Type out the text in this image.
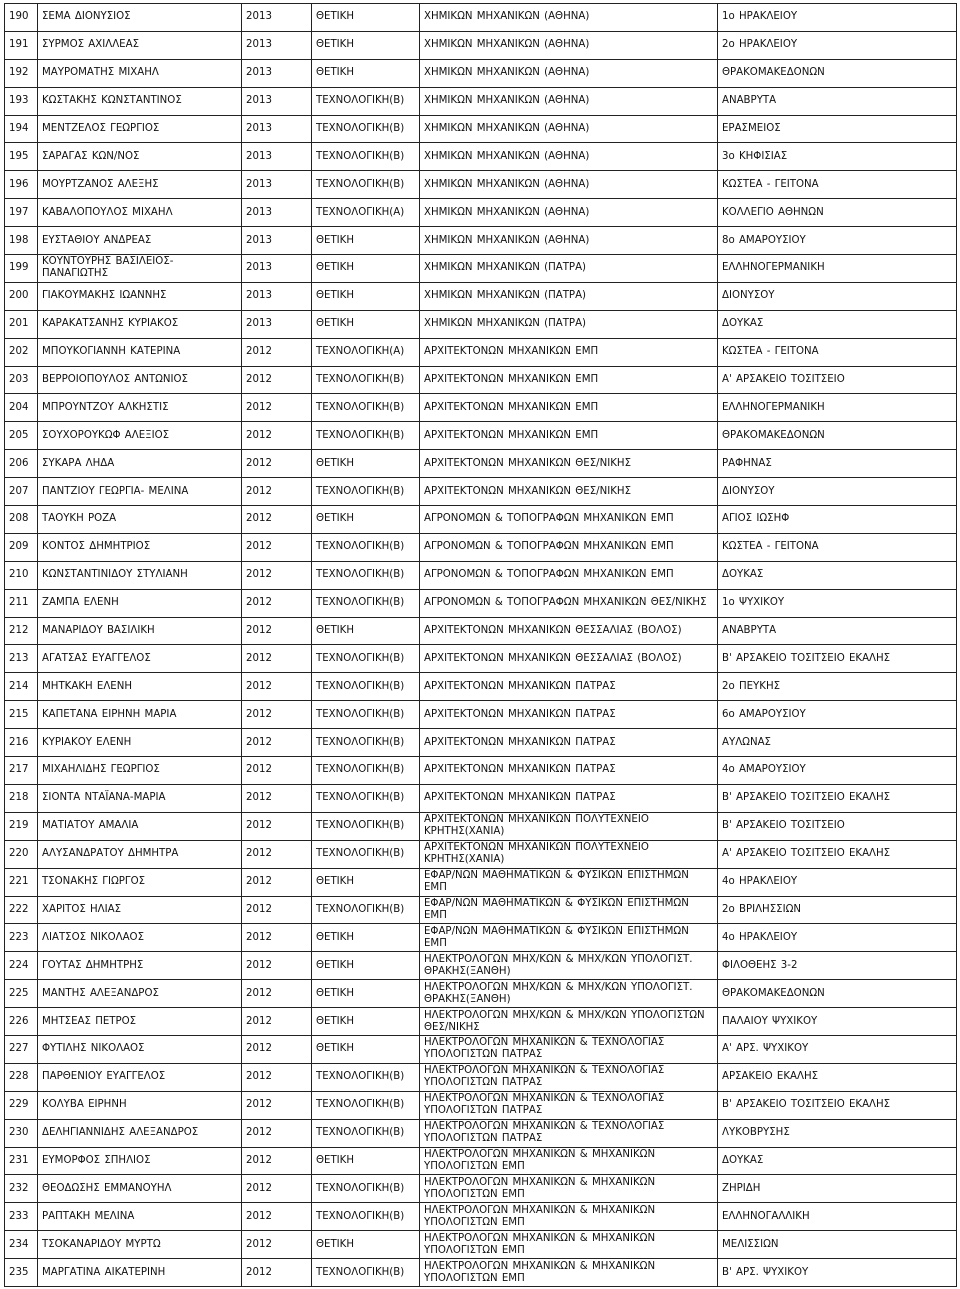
190	ΣΕΜΑ ΔΙΟΝΥΣΙΟΣ	2013	ΘΕΤΙΚΗ	ΧΗΜΙΚΩΝ ΜΗΧΑΝΙΚΩΝ (ΑΘΗΝΑ)	1ο ΗΡΑΚΛΕΙΟΥ
191	ΣΥΡΜΟΣ ΑΧΙΛΛΕΑΣ	2013	ΘΕΤΙΚΗ	ΧΗΜΙΚΩΝ ΜΗΧΑΝΙΚΩΝ (ΑΘΗΝΑ)	2ο ΗΡΑΚΛΕΙΟΥ
192	ΜΑΥΡΟΜΑΤΗΣ ΜΙΧΑΗΛ	2013	ΘΕΤΙΚΗ	ΧΗΜΙΚΩΝ ΜΗΧΑΝΙΚΩΝ (ΑΘΗΝΑ)	ΘΡΑΚΟΜΑΚΕΔΟΝΩΝ
193	ΚΩΣΤΑΚΗΣ ΚΩΝΣΤΑΝΤΙΝΟΣ	2013	ΤΕΧΝΟΛΟΓΙΚΗ(Β)	ΧΗΜΙΚΩΝ ΜΗΧΑΝΙΚΩΝ (ΑΘΗΝΑ)	ΑΝΑΒΡΥΤΑ
194	ΜΕΝΤΖΕΛΟΣ ΓΕΩΡΓΙΟΣ	2013	ΤΕΧΝΟΛΟΓΙΚΗ(Β)	ΧΗΜΙΚΩΝ ΜΗΧΑΝΙΚΩΝ (ΑΘΗΝΑ)	ΕΡΑΣΜΕΙΟΣ
195	ΣΑΡΑΓΑΣ ΚΩΝ/ΝΟΣ	2013	ΤΕΧΝΟΛΟΓΙΚΗ(Β)	ΧΗΜΙΚΩΝ ΜΗΧΑΝΙΚΩΝ (ΑΘΗΝΑ)	3ο ΚΗΦΙΣΙΑΣ
196	ΜΟΥΡΤΖΑΝΟΣ ΑΛΕΞΗΣ	2013	ΤΕΧΝΟΛΟΓΙΚΗ(Β)	ΧΗΜΙΚΩΝ ΜΗΧΑΝΙΚΩΝ (ΑΘΗΝΑ)	ΚΩΣΤΕΑ - ΓΕΙΤΟΝΑ
197	ΚΑΒΑΛΟΠΟΥΛΟΣ ΜΙΧΑΗΛ	2013	ΤΕΧΝΟΛΟΓΙΚΗ(Α)	ΧΗΜΙΚΩΝ ΜΗΧΑΝΙΚΩΝ (ΑΘΗΝΑ)	ΚΟΛΛΕΓΙΟ ΑΘΗΝΩΝ
198	ΕΥΣΤΑΘΙΟΥ ΑΝΔΡΕΑΣ	2013	ΘΕΤΙΚΗ	ΧΗΜΙΚΩΝ ΜΗΧΑΝΙΚΩΝ (ΑΘΗΝΑ)	8ο ΑΜΑΡΟΥΣΙΟΥ
199	ΚΟΥΝΤΟΥΡΗΣ ΒΑΣΙΛΕΙΟΣ-ΠΑΝΑΓΙΩΤΗΣ	2013	ΘΕΤΙΚΗ	ΧΗΜΙΚΩΝ ΜΗΧΑΝΙΚΩΝ (ΠΑΤΡΑ)	ΕΛΛΗΝΟΓΕΡΜΑΝΙΚΗ
200	ΓΙΑΚΟΥΜΑΚΗΣ ΙΩΑΝΝΗΣ	2013	ΘΕΤΙΚΗ	ΧΗΜΙΚΩΝ ΜΗΧΑΝΙΚΩΝ (ΠΑΤΡΑ)	ΔΙΟΝΥΣΟΥ
201	ΚΑΡΑΚΑΤΣΑΝΗΣ ΚΥΡΙΑΚΟΣ	2013	ΘΕΤΙΚΗ	ΧΗΜΙΚΩΝ ΜΗΧΑΝΙΚΩΝ (ΠΑΤΡΑ)	ΔΟΥΚΑΣ
202	ΜΠΟΥΚΟΓΙΑΝΝΗ ΚΑΤΕΡΙΝΑ	2012	ΤΕΧΝΟΛΟΓΙΚΗ(Α)	ΑΡΧΙΤΕΚΤΟΝΩΝ ΜΗΧΑΝΙΚΩΝ ΕΜΠ	ΚΩΣΤΕΑ - ΓΕΙΤΟΝΑ
203	ΒΕΡΡΟΙΟΠΟΥΛΟΣ ΑΝΤΩΝΙΟΣ	2012	ΤΕΧΝΟΛΟΓΙΚΗ(Β)	ΑΡΧΙΤΕΚΤΟΝΩΝ ΜΗΧΑΝΙΚΩΝ ΕΜΠ	Α' ΑΡΣΑΚΕΙΟ ΤΟΣΙΤΣΕΙΟ
204	ΜΠΡΟΥΝΤΖΟΥ ΑΛΚΗΣΤΙΣ	2012	ΤΕΧΝΟΛΟΓΙΚΗ(Β)	ΑΡΧΙΤΕΚΤΟΝΩΝ ΜΗΧΑΝΙΚΩΝ ΕΜΠ	ΕΛΛΗΝΟΓΕΡΜΑΝΙΚΗ
205	ΣΟΥΧΟΡΟΥΚΩΦ ΑΛΕΞΙΟΣ	2012	ΤΕΧΝΟΛΟΓΙΚΗ(Β)	ΑΡΧΙΤΕΚΤΟΝΩΝ ΜΗΧΑΝΙΚΩΝ ΕΜΠ	ΘΡΑΚΟΜΑΚΕΔΟΝΩΝ
206	ΣΥΚΑΡΑ ΛΗΔΑ	2012	ΘΕΤΙΚΗ	ΑΡΧΙΤΕΚΤΟΝΩΝ ΜΗΧΑΝΙΚΩΝ ΘΕΣ/ΝΙΚΗΣ	ΡΑΦΗΝΑΣ
207	ΠΑΝΤΖΙΟΥ ΓΕΩΡΓΙΑ- ΜΕΛΙΝΑ	2012	ΤΕΧΝΟΛΟΓΙΚΗ(Β)	ΑΡΧΙΤΕΚΤΟΝΩΝ ΜΗΧΑΝΙΚΩΝ ΘΕΣ/ΝΙΚΗΣ	ΔΙΟΝΥΣΟΥ
208	ΤΑΟΥΚΗ ΡΟΖΑ	2012	ΘΕΤΙΚΗ	ΑΓΡΟΝΟΜΩΝ & ΤΟΠΟΓΡΑΦΩΝ ΜΗΧΑΝΙΚΩΝ ΕΜΠ	ΑΓΙΟΣ ΙΩΣΗΦ
209	ΚΟΝΤΟΣ ΔΗΜΗΤΡΙΟΣ	2012	ΤΕΧΝΟΛΟΓΙΚΗ(Β)	ΑΓΡΟΝΟΜΩΝ & ΤΟΠΟΓΡΑΦΩΝ ΜΗΧΑΝΙΚΩΝ ΕΜΠ	ΚΩΣΤΕΑ - ΓΕΙΤΟΝΑ
210	ΚΩΝΣΤΑΝΤΙΝΙΔΟΥ ΣΤΥΛΙΑΝΗ	2012	ΤΕΧΝΟΛΟΓΙΚΗ(Β)	ΑΓΡΟΝΟΜΩΝ & ΤΟΠΟΓΡΑΦΩΝ ΜΗΧΑΝΙΚΩΝ ΕΜΠ	ΔΟΥΚΑΣ
211	ΖΑΜΠΑ ΕΛΕΝΗ	2012	ΤΕΧΝΟΛΟΓΙΚΗ(Β)	ΑΓΡΟΝΟΜΩΝ & ΤΟΠΟΓΡΑΦΩΝ ΜΗΧΑΝΙΚΩΝ ΘΕΣ/ΝΙΚΗΣ	1ο ΨΥΧΙΚΟΥ
212	ΜΑΝΑΡΙΔΟΥ ΒΑΣΙΛΙΚΗ	2012	ΘΕΤΙΚΗ	ΑΡΧΙΤΕΚΤΟΝΩΝ ΜΗΧΑΝΙΚΩΝ ΘΕΣΣΑΛΙΑΣ (ΒΟΛΟΣ)	ΑΝΑΒΡΥΤΑ
213	ΑΓΑΤΣΑΣ ΕΥΑΓΓΕΛΟΣ	2012	ΤΕΧΝΟΛΟΓΙΚΗ(Β)	ΑΡΧΙΤΕΚΤΟΝΩΝ ΜΗΧΑΝΙΚΩΝ ΘΕΣΣΑΛΙΑΣ (ΒΟΛΟΣ)	Β' ΑΡΣΑΚΕΙΟ ΤΟΣΙΤΣΕΙΟ ΕΚΑΛΗΣ
214	ΜΗΤΚΑΚΗ ΕΛΕΝΗ	2012	ΤΕΧΝΟΛΟΓΙΚΗ(Β)	ΑΡΧΙΤΕΚΤΟΝΩΝ ΜΗΧΑΝΙΚΩΝ ΠΑΤΡΑΣ	2ο ΠΕΥΚΗΣ
215	ΚΑΠΕΤΑΝΑ ΕΙΡΗΝΗ ΜΑΡΙΑ	2012	ΤΕΧΝΟΛΟΓΙΚΗ(Β)	ΑΡΧΙΤΕΚΤΟΝΩΝ ΜΗΧΑΝΙΚΩΝ ΠΑΤΡΑΣ	6ο ΑΜΑΡΟΥΣΙΟΥ
216	ΚΥΡΙΑΚΟΥ ΕΛΕΝΗ	2012	ΤΕΧΝΟΛΟΓΙΚΗ(Β)	ΑΡΧΙΤΕΚΤΟΝΩΝ ΜΗΧΑΝΙΚΩΝ ΠΑΤΡΑΣ	ΑΥΛΩΝΑΣ
217	ΜΙΧΑΗΛΙΔΗΣ ΓΕΩΡΓΙΟΣ	2012	ΤΕΧΝΟΛΟΓΙΚΗ(Β)	ΑΡΧΙΤΕΚΤΟΝΩΝ ΜΗΧΑΝΙΚΩΝ ΠΑΤΡΑΣ	4ο ΑΜΑΡΟΥΣΙΟΥ
218	ΣΙΟΝΤΑ ΝΤΑΪΑΝΑ-ΜΑΡΙΑ	2012	ΤΕΧΝΟΛΟΓΙΚΗ(Β)	ΑΡΧΙΤΕΚΤΟΝΩΝ ΜΗΧΑΝΙΚΩΝ ΠΑΤΡΑΣ	Β' ΑΡΣΑΚΕΙΟ ΤΟΣΙΤΣΕΙΟ ΕΚΑΛΗΣ
219	ΜΑΤΙΑΤΟΥ ΑΜΑΛΙΑ	2012	ΤΕΧΝΟΛΟΓΙΚΗ(Β)	ΑΡΧΙΤΕΚΤΟΝΩΝ ΜΗΧΑΝΙΚΩΝ ΠΟΛΥΤΕΧΝΕΙΟ ΚΡΗΤΗΣ(ΧΑΝΙΑ)	Β' ΑΡΣΑΚΕΙΟ ΤΟΣΙΤΣΕΙΟ
220	ΑΛΥΣΑΝΔΡΑΤΟΥ ΔΗΜΗΤΡΑ	2012	ΤΕΧΝΟΛΟΓΙΚΗ(Β)	ΑΡΧΙΤΕΚΤΟΝΩΝ ΜΗΧΑΝΙΚΩΝ ΠΟΛΥΤΕΧΝΕΙΟ ΚΡΗΤΗΣ(ΧΑΝΙΑ)	Α' ΑΡΣΑΚΕΙΟ ΤΟΣΙΤΣΕΙΟ ΕΚΑΛΗΣ
221	ΤΣΟΝΑΚΗΣ ΓΙΩΡΓΟΣ	2012	ΘΕΤΙΚΗ	ΕΦΑΡ/ΝΩΝ ΜΑΘΗΜΑΤΙΚΩΝ & ΦΥΣΙΚΩΝ ΕΠΙΣΤΗΜΩΝ ΕΜΠ	4ο ΗΡΑΚΛΕΙΟΥ
222	ΧΑΡΙΤΟΣ ΗΛΙΑΣ	2012	ΤΕΧΝΟΛΟΓΙΚΗ(Β)	ΕΦΑΡ/ΝΩΝ ΜΑΘΗΜΑΤΙΚΩΝ & ΦΥΣΙΚΩΝ ΕΠΙΣΤΗΜΩΝ ΕΜΠ	2ο ΒΡΙΛΗΣΣΙΩΝ
223	ΛΙΑΤΣΟΣ ΝΙΚΟΛΑΟΣ	2012	ΘΕΤΙΚΗ	ΕΦΑΡ/ΝΩΝ ΜΑΘΗΜΑΤΙΚΩΝ & ΦΥΣΙΚΩΝ ΕΠΙΣΤΗΜΩΝ ΕΜΠ	4ο ΗΡΑΚΛΕΙΟΥ
224	ΓΟΥΤΑΣ ΔΗΜΗΤΡΗΣ	2012	ΘΕΤΙΚΗ	ΗΛΕΚΤΡΟΛΟΓΩΝ ΜΗΧ/ΚΩΝ & ΜΗΧ/ΚΩΝ ΥΠΟΛΟΓΙΣΤ. ΘΡΑΚΗΣ(ΞΑΝΘΗ)	ΦΙΛΟΘΕΗΣ 3-2
225	ΜΑΝΤΗΣ ΑΛΕΞΑΝΔΡΟΣ	2012	ΘΕΤΙΚΗ	ΗΛΕΚΤΡΟΛΟΓΩΝ ΜΗΧ/ΚΩΝ & ΜΗΧ/ΚΩΝ ΥΠΟΛΟΓΙΣΤ. ΘΡΑΚΗΣ(ΞΑΝΘΗ)	ΘΡΑΚΟΜΑΚΕΔΟΝΩΝ
226	ΜΗΤΣΕΑΣ ΠΕΤΡΟΣ	2012	ΘΕΤΙΚΗ	ΗΛΕΚΤΡΟΛΟΓΩΝ ΜΗΧ/ΚΩΝ & ΜΗΧ/ΚΩΝ ΥΠΟΛΟΓΙΣΤΩΝ ΘΕΣ/ΝΙΚΗΣ	ΠΑΛΑΙΟΥ ΨΥΧΙΚΟΥ
227	ΦΥΤΙΛΗΣ ΝΙΚΟΛΑΟΣ	2012	ΘΕΤΙΚΗ	ΗΛΕΚΤΡΟΛΟΓΩΝ ΜΗΧΑΝΙΚΩΝ & ΤΕΧΝΟΛΟΓΙΑΣ ΥΠΟΛΟΓΙΣΤΩΝ ΠΑΤΡΑΣ	Α' ΑΡΣ. ΨΥΧΙΚΟΥ
228	ΠΑΡΘΕΝΙΟΥ ΕΥΑΓΓΕΛΟΣ	2012	ΤΕΧΝΟΛΟΓΙΚΗ(Β)	ΗΛΕΚΤΡΟΛΟΓΩΝ ΜΗΧΑΝΙΚΩΝ & ΤΕΧΝΟΛΟΓΙΑΣ ΥΠΟΛΟΓΙΣΤΩΝ ΠΑΤΡΑΣ	ΑΡΣΑΚΕΙΟ ΕΚΑΛΗΣ
229	ΚΟΛΥΒΑ ΕΙΡΗΝΗ	2012	ΤΕΧΝΟΛΟΓΙΚΗ(Β)	ΗΛΕΚΤΡΟΛΟΓΩΝ ΜΗΧΑΝΙΚΩΝ & ΤΕΧΝΟΛΟΓΙΑΣ ΥΠΟΛΟΓΙΣΤΩΝ ΠΑΤΡΑΣ	Β' ΑΡΣΑΚΕΙΟ ΤΟΣΙΤΣΕΙΟ ΕΚΑΛΗΣ
230	ΔΕΛΗΓΙΑΝΝΙΔΗΣ ΑΛΕΞΑΝΔΡΟΣ	2012	ΤΕΧΝΟΛΟΓΙΚΗ(Β)	ΗΛΕΚΤΡΟΛΟΓΩΝ ΜΗΧΑΝΙΚΩΝ & ΤΕΧΝΟΛΟΓΙΑΣ ΥΠΟΛΟΓΙΣΤΩΝ ΠΑΤΡΑΣ	ΛΥΚΟΒΡΥΣΗΣ
231	ΕΥΜΟΡΦΟΣ ΣΠΗΛΙΟΣ	2012	ΘΕΤΙΚΗ	ΗΛΕΚΤΡΟΛΟΓΩΝ ΜΗΧΑΝΙΚΩΝ & ΜΗΧΑΝΙΚΩΝ ΥΠΟΛΟΓΙΣΤΩΝ ΕΜΠ	ΔΟΥΚΑΣ
232	ΘΕΟΔΩΣΗΣ ΕΜΜΑΝΟΥΗΛ	2012	ΤΕΧΝΟΛΟΓΙΚΗ(Β)	ΗΛΕΚΤΡΟΛΟΓΩΝ ΜΗΧΑΝΙΚΩΝ & ΜΗΧΑΝΙΚΩΝ ΥΠΟΛΟΓΙΣΤΩΝ ΕΜΠ	ΖΗΡΙΔΗ
233	ΡΑΠΤΑΚΗ ΜΕΛΙΝΑ	2012	ΤΕΧΝΟΛΟΓΙΚΗ(Β)	ΗΛΕΚΤΡΟΛΟΓΩΝ ΜΗΧΑΝΙΚΩΝ & ΜΗΧΑΝΙΚΩΝ ΥΠΟΛΟΓΙΣΤΩΝ ΕΜΠ	ΕΛΛΗΝΟΓΑΛΛΙΚΗ
234	ΤΣΟΚΑΝΑΡΙΔΟΥ ΜΥΡΤΩ	2012	ΘΕΤΙΚΗ	ΗΛΕΚΤΡΟΛΟΓΩΝ ΜΗΧΑΝΙΚΩΝ & ΜΗΧΑΝΙΚΩΝ ΥΠΟΛΟΓΙΣΤΩΝ ΕΜΠ	ΜΕΛΙΣΣΙΩΝ
235	ΜΑΡΓΑΤΙΝΑ ΑΙΚΑΤΕΡΙΝΗ	2012	ΤΕΧΝΟΛΟΓΙΚΗ(Β)	ΗΛΕΚΤΡΟΛΟΓΩΝ ΜΗΧΑΝΙΚΩΝ & ΜΗΧΑΝΙΚΩΝ ΥΠΟΛΟΓΙΣΤΩΝ ΕΜΠ	Β' ΑΡΣ. ΨΥΧΙΚΟΥ
